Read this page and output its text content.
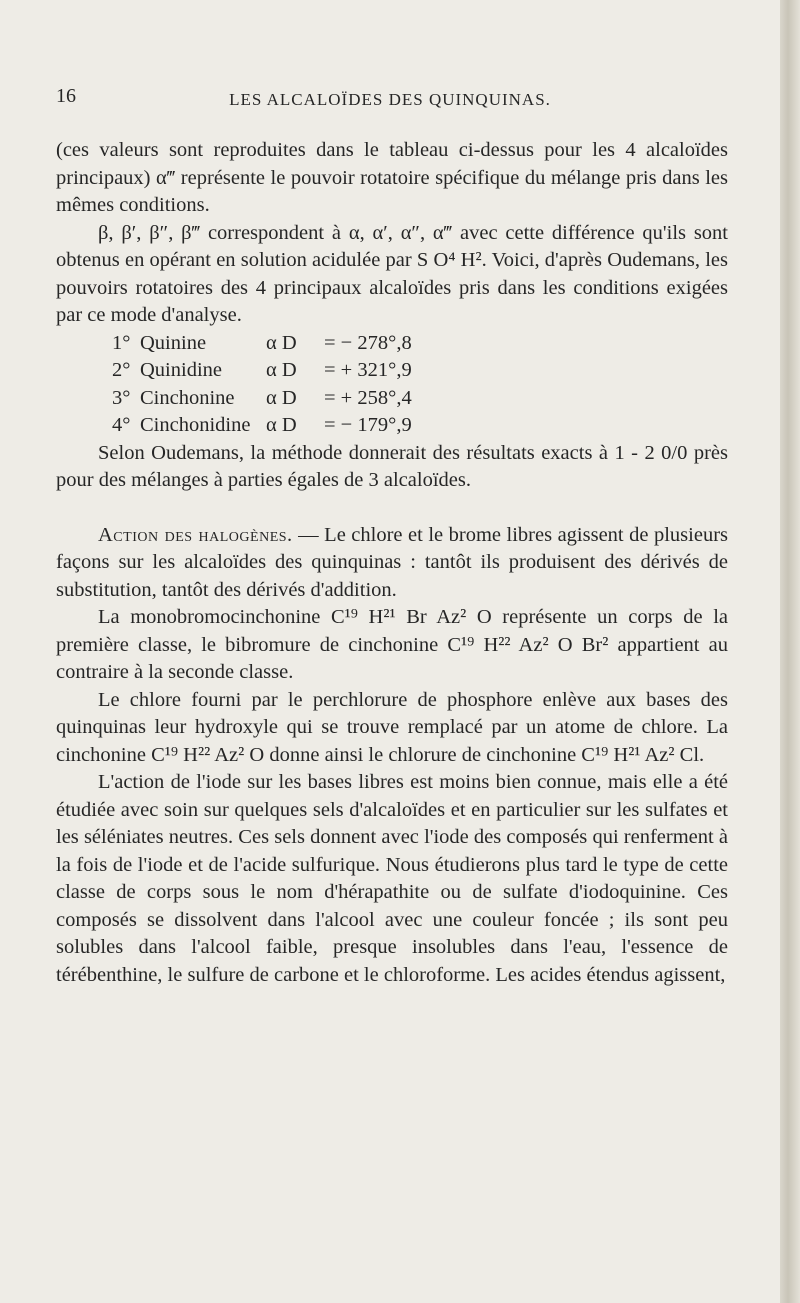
16	LES ALCALOÏDES DES QUINQUINAS.

(ces valeurs sont reproduites dans le tableau ci-dessus pour les 4 alcaloïdes principaux) α‴ représente le pouvoir rotatoire spécifique du mélange pris dans les mêmes conditions.

β, β′, β″, β‴ correspondent à α, α′, α″, α‴ avec cette différence qu'ils sont obtenus en opérant en solution acidulée par S O⁴ H². Voici, d'après Oudemans, les pouvoirs rotatoires des 4 principaux alcaloïdes pris dans les conditions exigées par ce mode d'analyse.

1° Quinine	α D = − 278°,8
2° Quinidine α D = + 321°,9
3° Cinchonine α D = + 258°,4
4° Cinchonidine α D = − 179°,9

Selon Oudemans, la méthode donnerait des résultats exacts à 1 - 2 0/0 près pour des mélanges à parties égales de 3 alcaloïdes.

Action des halogènes. — Le chlore et le brome libres agissent de plusieurs façons sur les alcaloïdes des quinquinas : tantôt ils produisent des dérivés de substitution, tantôt des dérivés d'addition.

La monobromocinchonine C¹⁹ H²¹ Br Az² O représente un corps de la première classe, le bibromure de cinchonine C¹⁹ H²² Az² O Br² appartient au contraire à la seconde classe.

Le chlore fourni par le perchlorure de phosphore enlève aux bases des quinquinas leur hydroxyle qui se trouve remplacé par un atome de chlore. La cinchonine C¹⁹ H²² Az² O donne ainsi le chlorure de cinchonine C¹⁹ H²¹ Az² Cl.

L'action de l'iode sur les bases libres est moins bien connue, mais elle a été étudiée avec soin sur quelques sels d'alcaloïdes et en particulier sur les sulfates et les séléniates neutres. Ces sels donnent avec l'iode des composés qui renferment à la fois de l'iode et de l'acide sulfurique. Nous étudierons plus tard le type de cette classe de corps sous le nom d'hérapathite ou de sulfate d'iodoquinine. Ces composés se dissolvent dans l'alcool avec une couleur foncée ; ils sont peu solubles dans l'alcool faible, presque insolubles dans l'eau, l'essence de térébenthine, le sulfure de carbone et le chloroforme. Les acides étendus agissent,
